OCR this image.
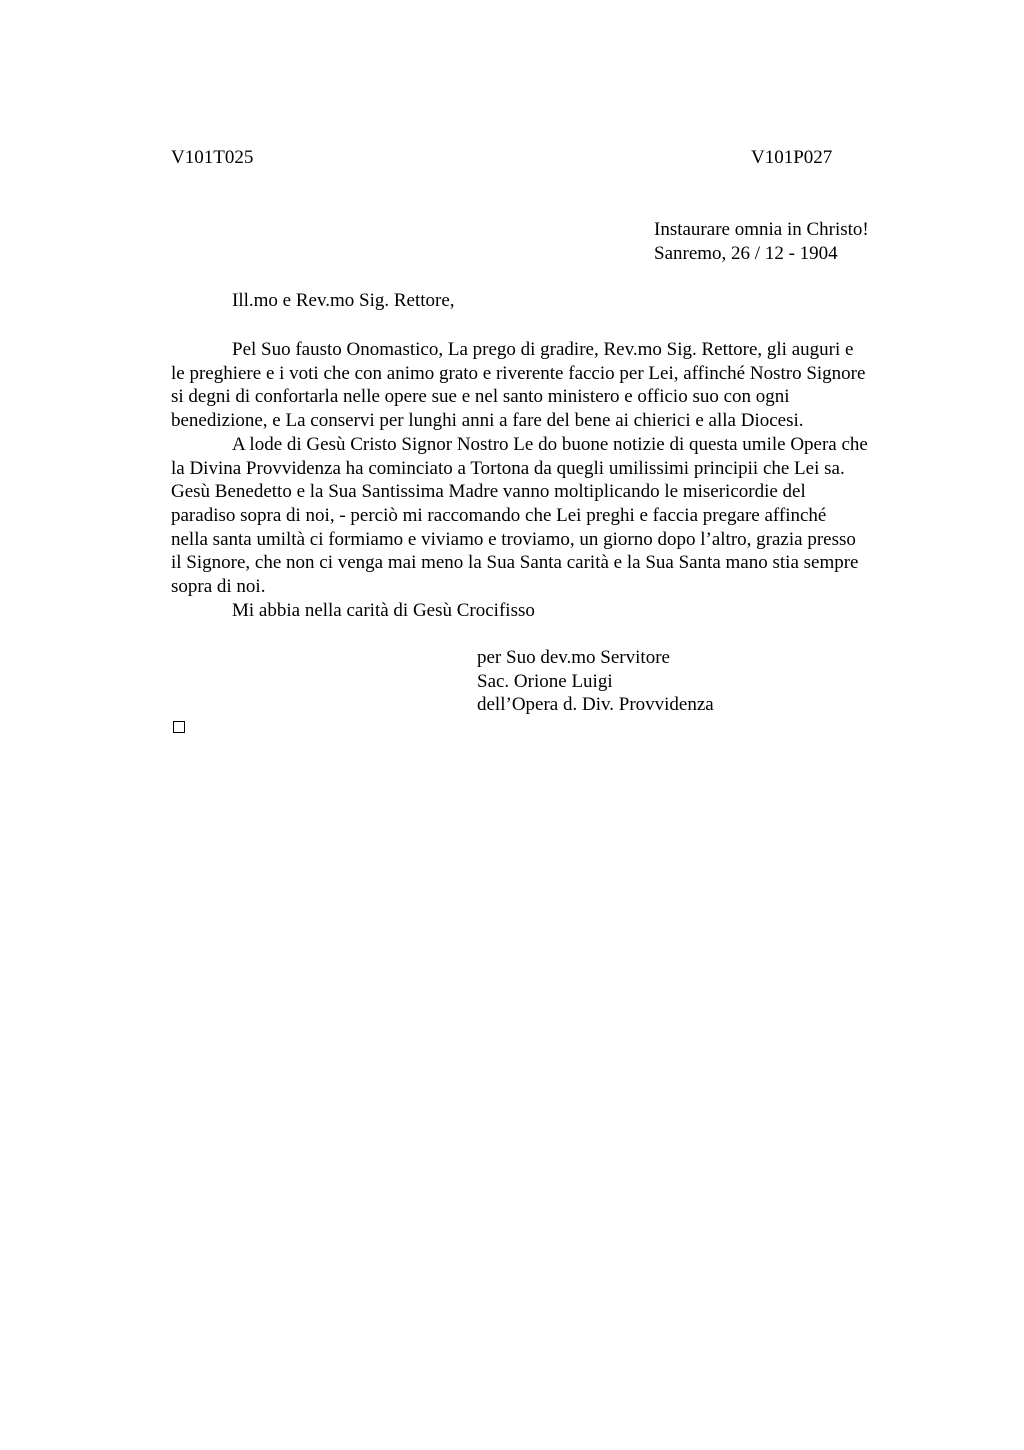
V101T025	V101P027
Instaurare omnia in Christo!
Sanremo, 26 / 12 - 1904
Ill.mo e Rev.mo Sig. Rettore,
Pel Suo fausto Onomastico, La prego di gradire, Rev.mo Sig. Rettore, gli auguri e
le preghiere e i voti che con animo grato e riverente faccio per Lei, affinché Nostro Signore
si degni di confortarla nelle opere sue e nel santo ministero e officio suo con ogni
benedizione, e La conservi per lunghi anni a fare del bene ai chierici e alla Diocesi.
A lode di Gesù Cristo Signor Nostro Le do buone notizie di questa umile Opera che
la Divina Provvidenza ha cominciato a Tortona da quegli umilissimi principii che Lei sa.
Gesù Benedetto e la Sua Santissima Madre vanno moltiplicando le misericordie del
paradiso sopra di noi, - perciò mi raccomando che Lei preghi e faccia pregare affinché
nella santa umiltà ci formiamo e viviamo e troviamo, un giorno dopo l’altro, grazia presso
il Signore, che non ci venga mai meno la Sua Santa carità e la Sua Santa mano stia sempre
sopra di noi.
Mi abbia nella carità di Gesù Crocifisso
per Suo dev.mo Servitore
Sac. Orione Luigi
dell’Opera d. Div. Provvidenza
